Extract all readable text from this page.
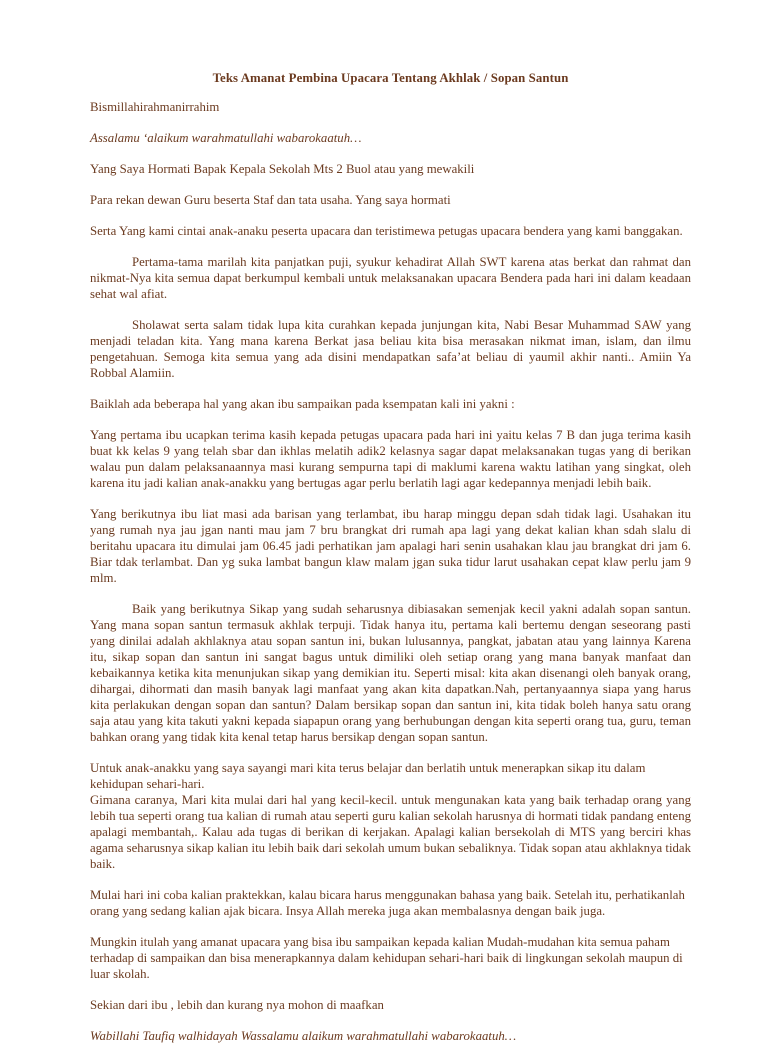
Teks Amanat Pembina Upacara Tentang Akhlak / Sopan Santun

Bismillahirahmanirrahim

Assalamu ‘alaikum warahmatullahi wabarokaatuh…

Yang Saya Hormati Bapak Kepala Sekolah Mts 2 Buol atau yang mewakili

Para rekan dewan Guru beserta Staf dan tata usaha. Yang saya hormati

Serta Yang kami cintai anak-anaku peserta upacara dan teristimewa petugas upacara bendera yang kami banggakan.

Pertama-tama marilah kita panjatkan puji, syukur kehadirat Allah SWT karena atas berkat dan rahmat dan nikmat-Nya kita semua dapat berkumpul kembali untuk melaksanakan upacara Bendera pada hari ini dalam keadaan sehat wal afiat.

Sholawat serta salam tidak lupa kita curahkan kepada junjungan kita, Nabi Besar Muhammad SAW yang menjadi teladan kita. Yang mana karena Berkat jasa beliau kita bisa merasakan nikmat iman, islam, dan ilmu pengetahuan. Semoga kita semua yang ada disini mendapatkan safa’at beliau di yaumil akhir nanti.. Amiin Ya Robbal Alamiin.

Baiklah ada beberapa hal yang akan ibu sampaikan pada ksempatan kali ini yakni :

Yang pertama ibu ucapkan terima kasih kepada petugas upacara pada hari ini yaitu kelas 7 B dan juga terima kasih buat kk kelas 9 yang telah sbar dan ikhlas melatih adik2 kelasnya sagar dapat melaksanakan tugas yang di berikan walau pun dalam pelaksanaannya masi kurang sempurna tapi di maklumi karena waktu latihan yang singkat, oleh karena itu jadi kalian anak-anakku yang bertugas agar perlu berlatih lagi agar kedepannya menjadi lebih baik.

Yang berikutnya ibu liat masi ada barisan yang terlambat, ibu harap minggu depan sdah tidak lagi. Usahakan itu yang rumah nya jau jgan nanti mau jam 7 bru brangkat dri rumah apa lagi yang dekat kalian khan sdah slalu di beritahu upacara itu dimulai jam 06.45 jadi perhatikan jam apalagi hari senin usahakan klau jau brangkat dri jam 6. Biar tdak terlambat. Dan yg suka lambat bangun klaw malam jgan suka tidur larut usahakan cepat klaw perlu jam 9 mlm.

Baik yang berikutnya Sikap yang sudah seharusnya dibiasakan semenjak kecil yakni adalah sopan santun. Yang mana sopan santun termasuk akhlak terpuji. Tidak hanya itu, pertama kali bertemu dengan seseorang pasti yang dinilai adalah akhlaknya atau sopan santun ini, bukan lulusannya, pangkat, jabatan atau yang lainnya Karena itu, sikap sopan dan santun ini sangat bagus untuk dimiliki oleh setiap orang yang mana banyak manfaat dan kebaikannya ketika kita menunjukan sikap yang demikian itu. Seperti misal: kita akan disenangi oleh banyak orang, dihargai, dihormati dan masih banyak lagi manfaat yang akan kita dapatkan.Nah, pertanyaannya siapa yang harus kita perlakukan dengan sopan dan santun? Dalam bersikap sopan dan santun ini, kita tidak boleh hanya satu orang saja atau yang kita takuti yakni kepada siapapun orang yang berhubungan dengan kita seperti orang tua, guru, teman bahkan orang yang tidak kita kenal tetap harus bersikap dengan sopan santun.

Untuk anak-anakku yang saya sayangi mari kita terus belajar dan berlatih untuk menerapkan sikap itu dalam kehidupan sehari-hari.

Gimana caranya, Mari kita mulai dari hal yang kecil-kecil. untuk mengunakan kata yang baik terhadap orang yang lebih tua seperti orang tua kalian di rumah atau seperti guru kalian sekolah harusnya di hormati tidak pandang enteng apalagi membantah,. Kalau ada tugas di berikan di kerjakan. Apalagi kalian bersekolah di MTS yang berciri khas agama seharusnya sikap kalian itu lebih baik dari sekolah umum bukan sebaliknya. Tidak sopan atau akhlaknya tidak baik.

Mulai hari ini coba kalian praktekkan, kalau bicara harus menggunakan bahasa yang baik. Setelah itu, perhatikanlah orang yang sedang kalian ajak bicara. Insya Allah mereka juga akan membalasnya dengan baik juga.

Mungkin itulah yang amanat upacara yang bisa ibu sampaikan kepada kalian Mudah-mudahan kita semua paham terhadap di sampaikan dan bisa menerapkannya dalam kehidupan sehari-hari baik di lingkungan sekolah maupun di luar skolah.

Sekian dari ibu , lebih dan kurang nya mohon di maafkan

Wabillahi Taufiq walhidayah Wassalamu alaikum warahmatullahi wabarokaatuh…
